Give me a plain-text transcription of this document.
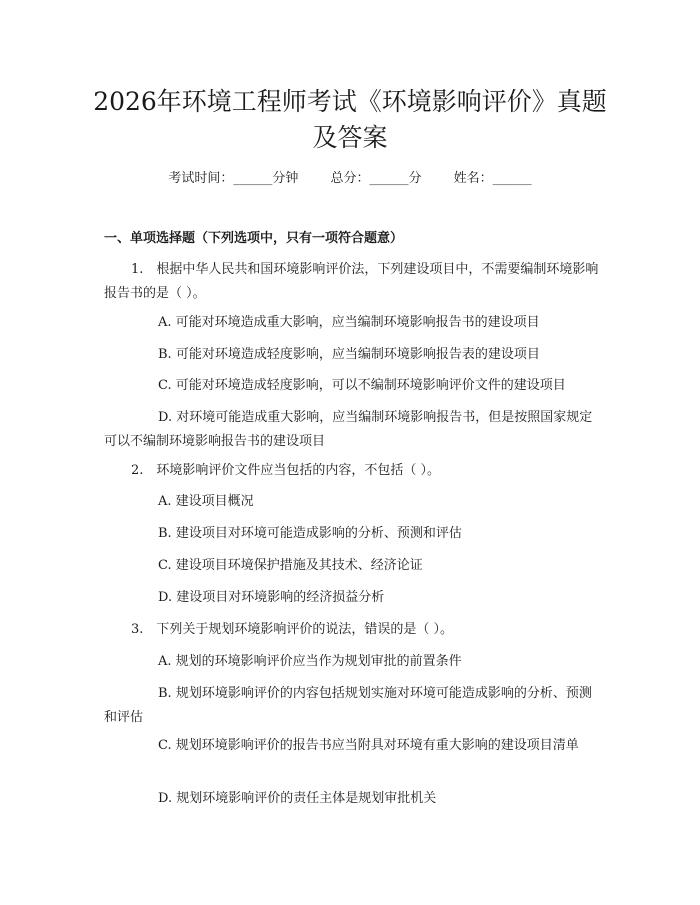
2026年环境工程师考试《环境影响评价》真题及答案
考试时间：______分钟 总分：______分 姓名：______
一、单项选择题（下列选项中，只有一项符合题意）
1.　根据中华人民共和国环境影响评价法，下列建设项目中，不需要编制环境影响报告书的是（ ）。
A. 可能对环境造成重大影响，应当编制环境影响报告书的建设项目
B. 可能对环境造成轻度影响，应当编制环境影响报告表的建设项目
C. 可能对环境造成轻度影响，可以不编制环境影响评价文件的建设项目
D. 对环境可能造成重大影响，应当编制环境影响报告书，但是按照国家规定可以不编制环境影响报告书的建设项目
2.　环境影响评价文件应当包括的内容，不包括（ ）。
A. 建设项目概况
B. 建设项目对环境可能造成影响的分析、预测和评估
C. 建设项目环境保护措施及其技术、经济论证
D. 建设项目对环境影响的经济损益分析
3.　下列关于规划环境影响评价的说法，错误的是（ ）。
A. 规划的环境影响评价应当作为规划审批的前置条件
B. 规划环境影响评价的内容包括规划实施对环境可能造成影响的分析、预测和评估
C. 规划环境影响评价的报告书应当附具对环境有重大影响的建设项目清单
D. 规划环境影响评价的责任主体是规划审批机关
